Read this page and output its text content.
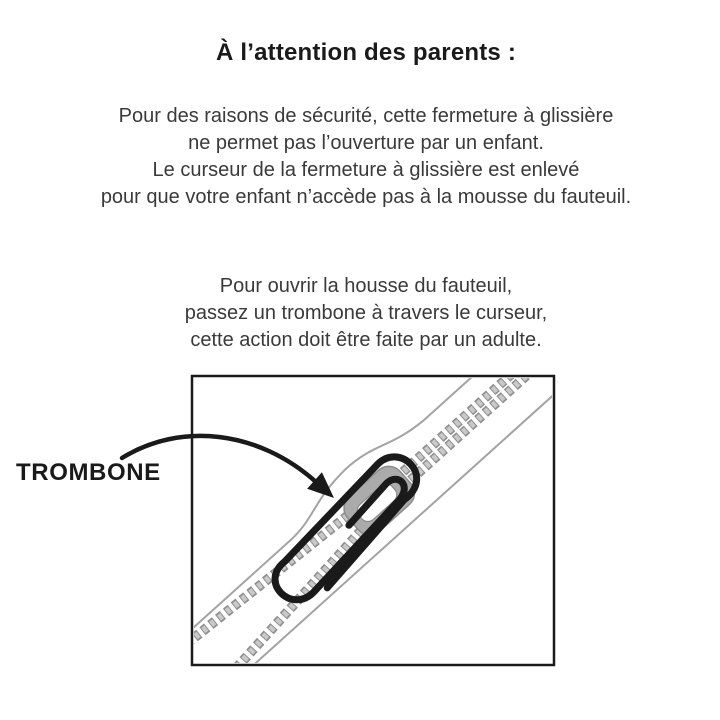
À l’attention des parents :
Pour des raisons de sécurité, cette fermeture à glissière
ne permet pas l’ouverture par un enfant.
Le curseur de la fermeture à glissière est enlevé
pour que votre enfant n’accède pas à la mousse du fauteuil.
Pour ouvrir la housse du fauteuil,
passez un trombone à travers le curseur,
cette action doit être faite par un adulte.
TROMBONE
